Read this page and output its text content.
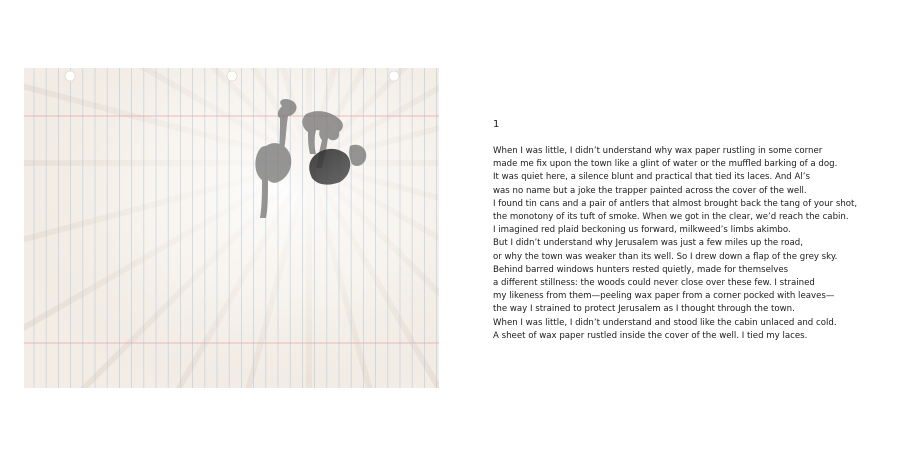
1
When I was little, I didn’t understand why wax paper rustling in some corner
made me fix upon the town like a glint of water or the muffled barking of a dog.
It was quiet here, a silence blunt and practical that tied its laces. And Al’s
was no name but a joke the trapper painted across the cover of the well.
I found tin cans and a pair of antlers that almost brought back the tang of your shot,
the monotony of its tuft of smoke. When we got in the clear, we’d reach the cabin.
I imagined red plaid beckoning us forward, milkweed’s limbs akimbo.
But I didn’t understand why Jerusalem was just a few miles up the road,
or why the town was weaker than its well. So I drew down a flap of the grey sky.
Behind barred windows hunters rested quietly, made for themselves
a different stillness: the woods could never close over these few. I strained
my likeness from them—peeling wax paper from a corner pocked with leaves—
the way I strained to protect Jerusalem as I thought through the town.
When I was little, I didn’t understand and stood like the cabin unlaced and cold.
A sheet of wax paper rustled inside the cover of the well. I tied my laces.
